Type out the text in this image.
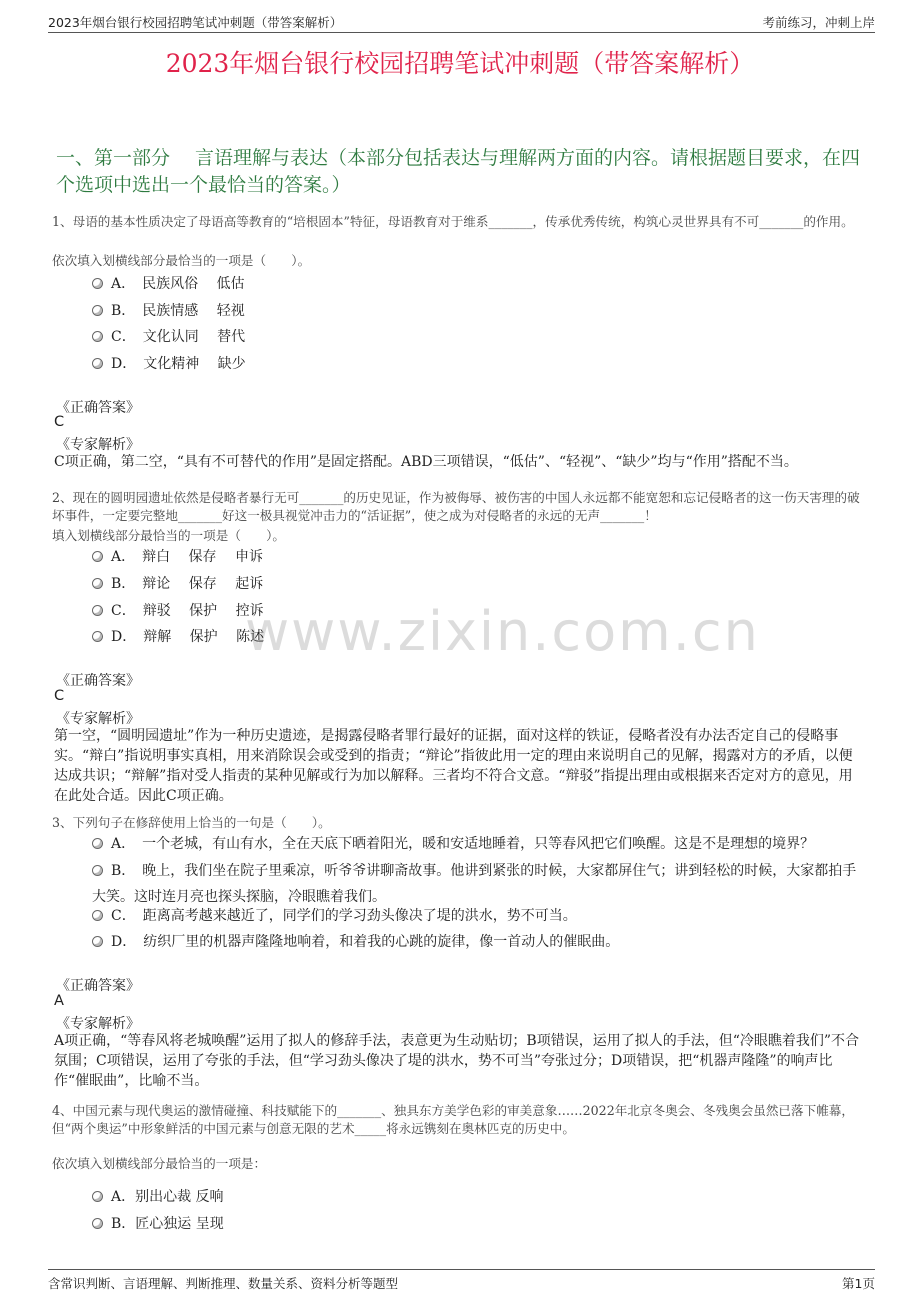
2023年烟台银行校园招聘笔试冲刺题（带答案解析）	考前练习，冲刺上岸
2023年烟台银行校园招聘笔试冲刺题（带答案解析）
一、第一部分　 言语理解与表达（本部分包括表达与理解两方面的内容。请根据题目要求，在四个选项中选出一个最恰当的答案。）
www.zixin.com.cn
1、母语的基本性质决定了母语高等教育的“培根固本”特征，母语教育对于维系_______，传承优秀传统，构筑心灵世界具有不可_______的作用。
依次填入划横线部分最恰当的一项是（　　）。
A．　民族风俗　 低估
B．　民族情感　 轻视
C．　文化认同　 替代
D．　文化精神　 缺少
《正确答案》
C
《专家解析》
C项正确，第二空，“具有不可替代的作用”是固定搭配。ABD三项错误，“低估”、“轻视”、“缺少”均与“作用”搭配不当。
2、现在的圆明园遗址依然是侵略者暴行无可_______的历史见证，作为被侮辱、被伤害的中国人永远都不能宽恕和忘记侵略者的这一伤天害理的破坏事件，一定要完整地_______好这一极具视觉冲击力的“活证据”，使之成为对侵略者的永远的无声_______！
填入划横线部分最恰当的一项是（　　）。
A．　辩白　 保存　 申诉
B．　辩论　 保存　 起诉
C．　辩驳　 保护　 控诉
D．　辩解　 保护　 陈述
《正确答案》
C
《专家解析》
第一空，“圆明园遗址”作为一种历史遗迹，是揭露侵略者罪行最好的证据，面对这样的铁证，侵略者没有办法否定自己的侵略事实。“辩白”指说明事实真相，用来消除误会或受到的指责；“辩论”指彼此用一定的理由来说明自己的见解，揭露对方的矛盾，以便达成共识；“辩解”指对受人指责的某种见解或行为加以解释。三者均不符合文意。“辩驳”指提出理由或根据来否定对方的意见，用在此处合适。因此C项正确。
3、下列句子在修辞使用上恰当的一句是（　　）。
A．　一个老城，有山有水，全在天底下晒着阳光，暖和安适地睡着，只等春风把它们唤醒。这是不是理想的境界？
B．　晚上，我们坐在院子里乘凉，听爷爷讲聊斋故事。他讲到紧张的时候，大家都屏住气；讲到轻松的时候，大家都拍手大笑。这时连月亮也探头探脑，冷眼瞧着我们。
C．　距离高考越来越近了，同学们的学习劲头像决了堤的洪水，势不可当。
D．　纺织厂里的机器声隆隆地响着，和着我的心跳的旋律，像一首动人的催眠曲。
《正确答案》
A
《专家解析》
A项正确，“等春风将老城唤醒”运用了拟人的修辞手法，表意更为生动贴切；B项错误，运用了拟人的手法，但“冷眼瞧着我们”不合氛围；C项错误，运用了夸张的手法，但“学习劲头像决了堤的洪水，势不可当”夸张过分；D项错误，把“机器声隆隆”的响声比作“催眠曲”，比喻不当。
4、中国元素与现代奥运的激情碰撞、科技赋能下的_______、独具东方美学色彩的审美意象……2022年北京冬奥会、冬残奥会虽然已落下帷幕，但“两个奥运”中形象鲜活的中国元素与创意无限的艺术_____将永远镌刻在奥林匹克的历史中。
依次填入划横线部分最恰当的一项是：
A．别出心裁 反响
B．匠心独运 呈现
含常识判断、言语理解、判断推理、数量关系、资料分析等题型	第1页
